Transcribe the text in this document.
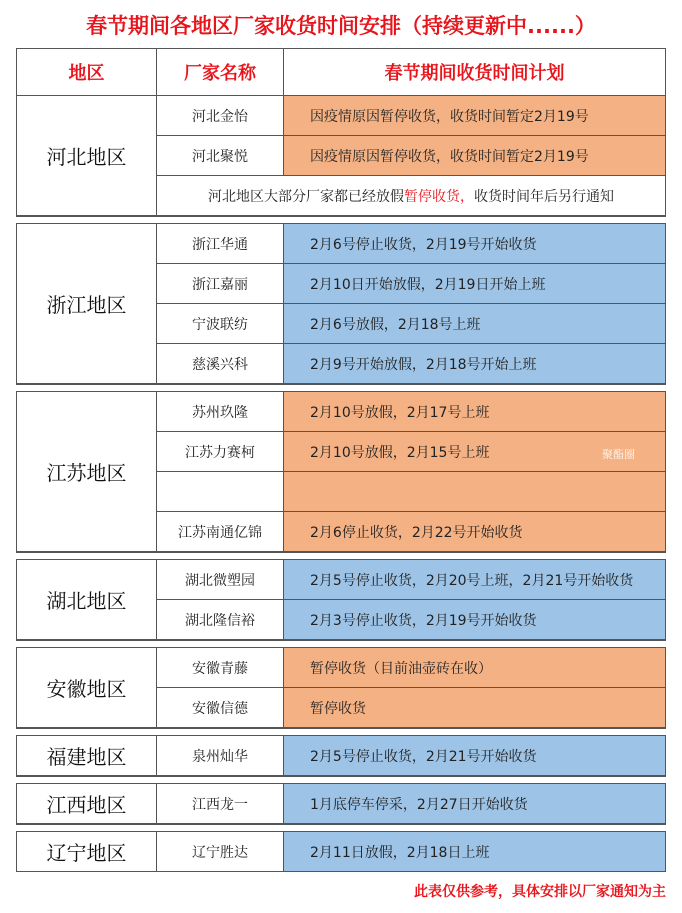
春节期间各地区厂家收货时间安排（持续更新中......）
地区	厂家名称	春节期间收货时间计划
河北地区
河北金怡	因疫情原因暂停收货，收货时间暂定2月19号
河北聚悦	因疫情原因暂停收货，收货时间暂定2月19号
河北地区大部分厂家都已经放假 暂停收货， 收货时间年后另行通知
浙江地区
浙江华通	2月6号停止收货，2月19号开始收货
浙江嘉丽	2月10日开始放假，2月19日开始上班
宁波联纺	2月6号放假，2月18号上班
慈溪兴科	2月9号开始放假，2月18号开始上班
江苏地区
苏州玖隆	2月10号放假，2月17号上班
江苏力赛柯	2月10号放假，2月15号上班
江苏南通亿锦	2月6停止收货，2月22号开始收货
聚酯圈
湖北地区
湖北微塑园	2月5号停止收货，2月20号上班，2月21号开始收货
湖北隆信裕	2月3号停止收货，2月19号开始收货
安徽地区
安徽青藤	暂停收货（目前油壶砖在收）
安徽信德	暂停收货
福建地区	泉州灿华	2月5号停止收货，2月21号开始收货
江西地区	江西龙一	1月底停车停采，2月27日开始收货
辽宁地区	辽宁胜达	2月11日放假，2月18日上班
此表仅供参考，具体安排以厂家通知为主
